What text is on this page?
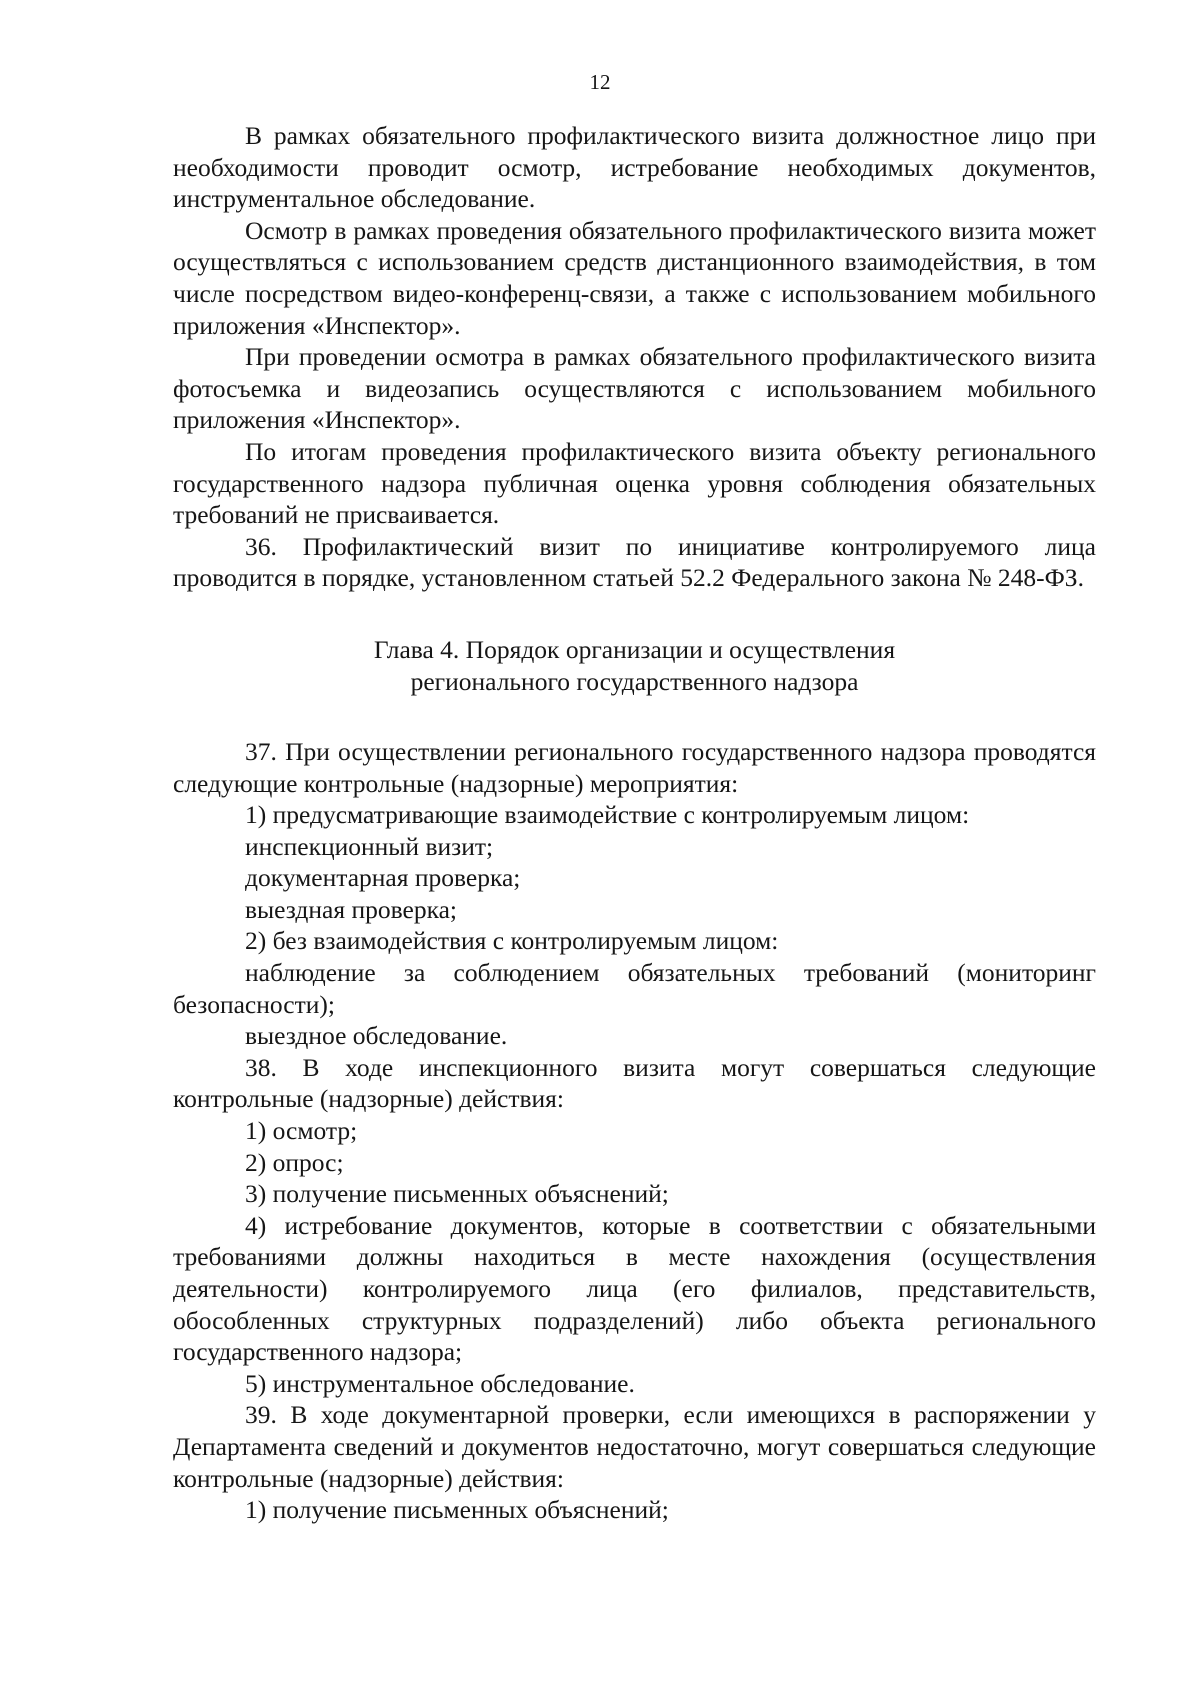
12

В рамках обязательного профилактического визита должностное лицо при необходимости проводит осмотр, истребование необходимых документов, инструментальное обследование.

Осмотр в рамках проведения обязательного профилактического визита может осуществляться с использованием средств дистанционного взаимодействия, в том числе посредством видео-конференц-связи, а также с использованием мобильного приложения «Инспектор».

При проведении осмотра в рамках обязательного профилактического визита фотосъемка и видеозапись осуществляются с использованием мобильного приложения «Инспектор».

По итогам проведения профилактического визита объекту регионального государственного надзора публичная оценка уровня соблюдения обязательных требований не присваивается.

36. Профилактический визит по инициативе контролируемого лица проводится в порядке, установленном статьей 52.2 Федерального закона № 248-ФЗ.

Глава 4. Порядок организации и осуществления
регионального государственного надзора

37. При осуществлении регионального государственного надзора проводятся следующие контрольные (надзорные) мероприятия:

1) предусматривающие взаимодействие с контролируемым лицом:

инспекционный визит;

документарная проверка;

выездная проверка;

2) без взаимодействия с контролируемым лицом:

наблюдение за соблюдением обязательных требований (мониторинг безопасности);

выездное обследование.

38. В ходе инспекционного визита могут совершаться следующие контрольные (надзорные) действия:

1) осмотр;

2) опрос;

3) получение письменных объяснений;

4) истребование документов, которые в соответствии с обязательными требованиями должны находиться в месте нахождения (осуществления деятельности) контролируемого лица (его филиалов, представительств, обособленных структурных подразделений) либо объекта регионального государственного надзора;

5) инструментальное обследование.

39. В ходе документарной проверки, если имеющихся в распоряжении у Департамента сведений и документов недостаточно, могут совершаться следующие контрольные (надзорные) действия:

1) получение письменных объяснений;
